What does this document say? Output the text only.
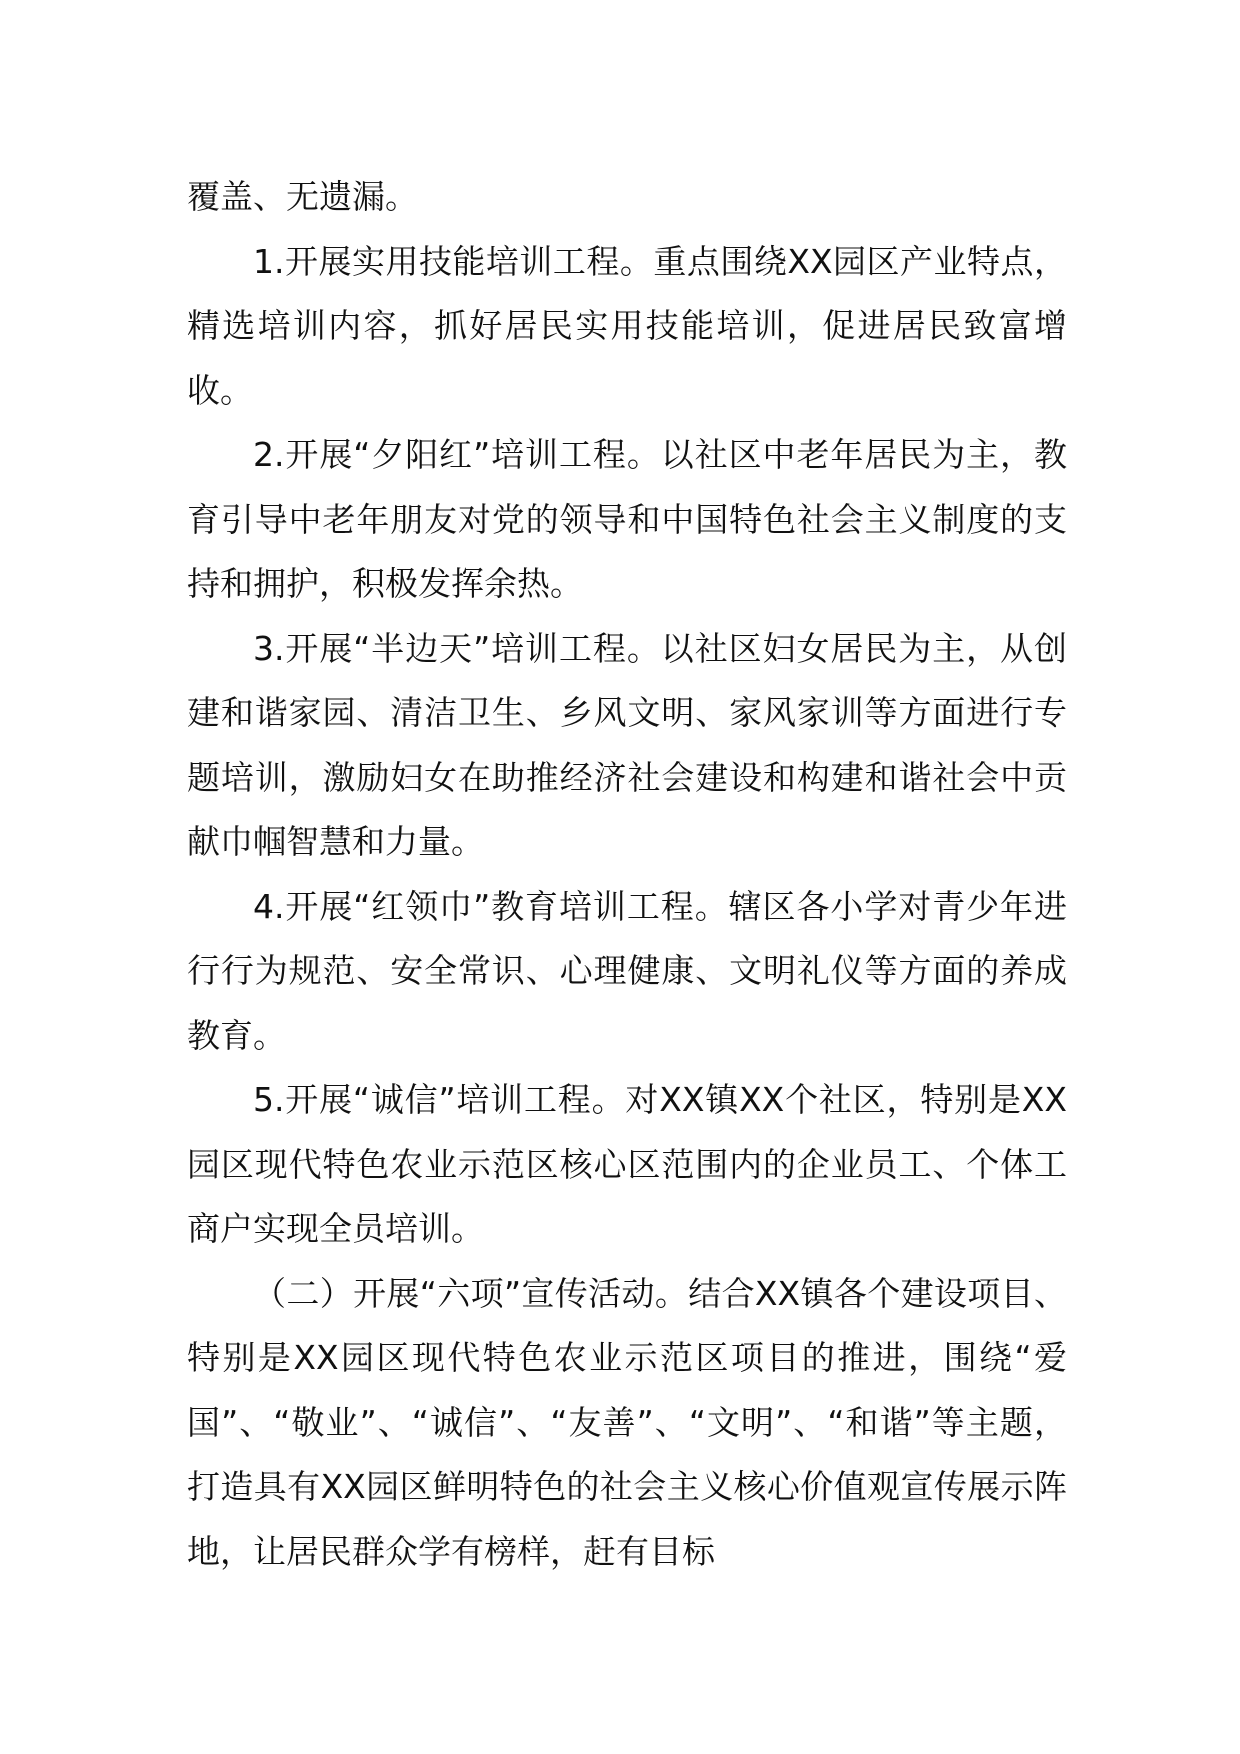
覆盖、无遗漏。

1.开展实用技能培训工程。重点围绕XX园区产业特点，精选培训内容，抓好居民实用技能培训，促进居民致富增收。

2.开展“夕阳红”培训工程。以社区中老年居民为主，教育引导中老年朋友对党的领导和中国特色社会主义制度的支持和拥护，积极发挥余热。

3.开展“半边天”培训工程。以社区妇女居民为主，从创建和谐家园、清洁卫生、乡风文明、家风家训等方面进行专题培训，激励妇女在助推经济社会建设和构建和谐社会中贡献巾帼智慧和力量。

4.开展“红领巾”教育培训工程。辖区各小学对青少年进行行为规范、安全常识、心理健康、文明礼仪等方面的养成教育。

5.开展“诚信”培训工程。对XX镇XX个社区，特别是XX园区现代特色农业示范区核心区范围内的企业员工、个体工商户实现全员培训。

（二）开展“六项”宣传活动。结合XX镇各个建设项目、特别是XX园区现代特色农业示范区项目的推进，围绕“爱国”、“敬业”、“诚信”、“友善”、“文明”、“和谐”等主题，打造具有XX园区鲜明特色的社会主义核心价值观宣传展示阵地，让居民群众学有榜样，赶有目标
